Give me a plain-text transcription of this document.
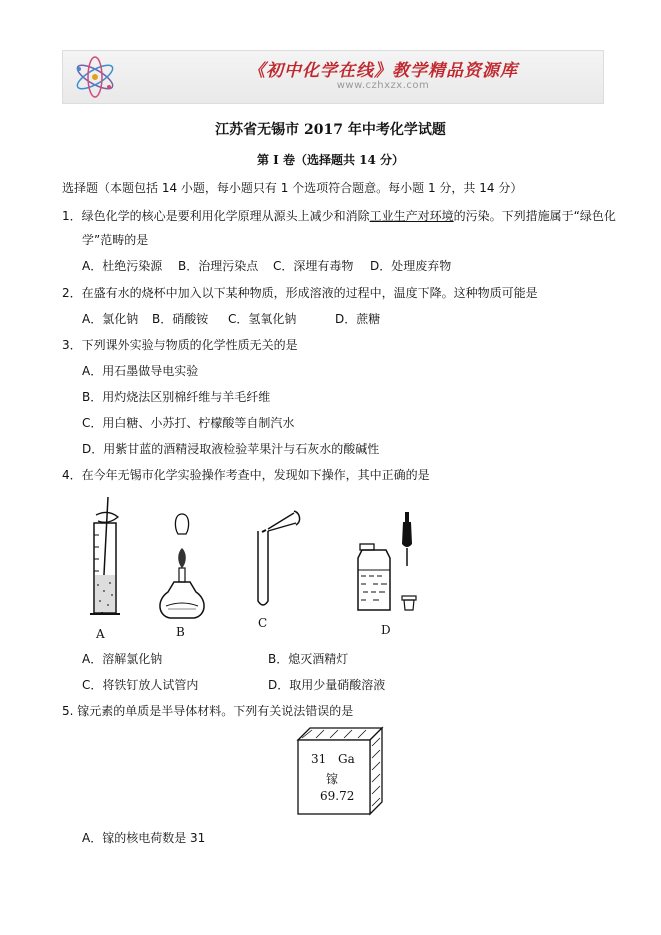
《初中化学在线》教学精品资源库
www.czhxzx.com
江苏省无锡市 2017 年中考化学试题
第 I 卷（选择题共 14 分）
选择题（本题包括 14 小题，每小题只有 1 个选项符合题意。每小题 1 分，共 14 分）
1．绿色化学的核心是要利用化学原理从源头上减少和消除工业生产对环境的污染。下列措施属于“绿色化
学”范畴的是
A．杜绝污染源 B．治理污染点 C．深埋有毒物 D．处理废弃物
2．在盛有水的烧杯中加入以下某种物质，形成溶液的过程中，温度下降。这种物质可能是
A．氯化钠 B．硝酸铵 C．氢氧化钠	D．蔗糖
3．下列课外实验与物质的化学性质无关的是
A．用石墨做导电实验
B．用灼烧法区别棉纤维与羊毛纤维
C．用白糖、小苏打、柠檬酸等自制汽水
D．用紫甘蓝的酒精浸取液检验苹果汁与石灰水的酸碱性
4．在今年无锡市化学实验操作考查中，发现如下操作，其中正确的是
A	B
C	D
A．溶解氯化钠	B．熄灭酒精灯
C．将铁钉放人试管内	D．取用少量硝酸溶液
5. 镓元素的单质是半导体材料。下列有关说法错误的是
31 Ga
镓
69.72
A．镓的核电荷数是 31
